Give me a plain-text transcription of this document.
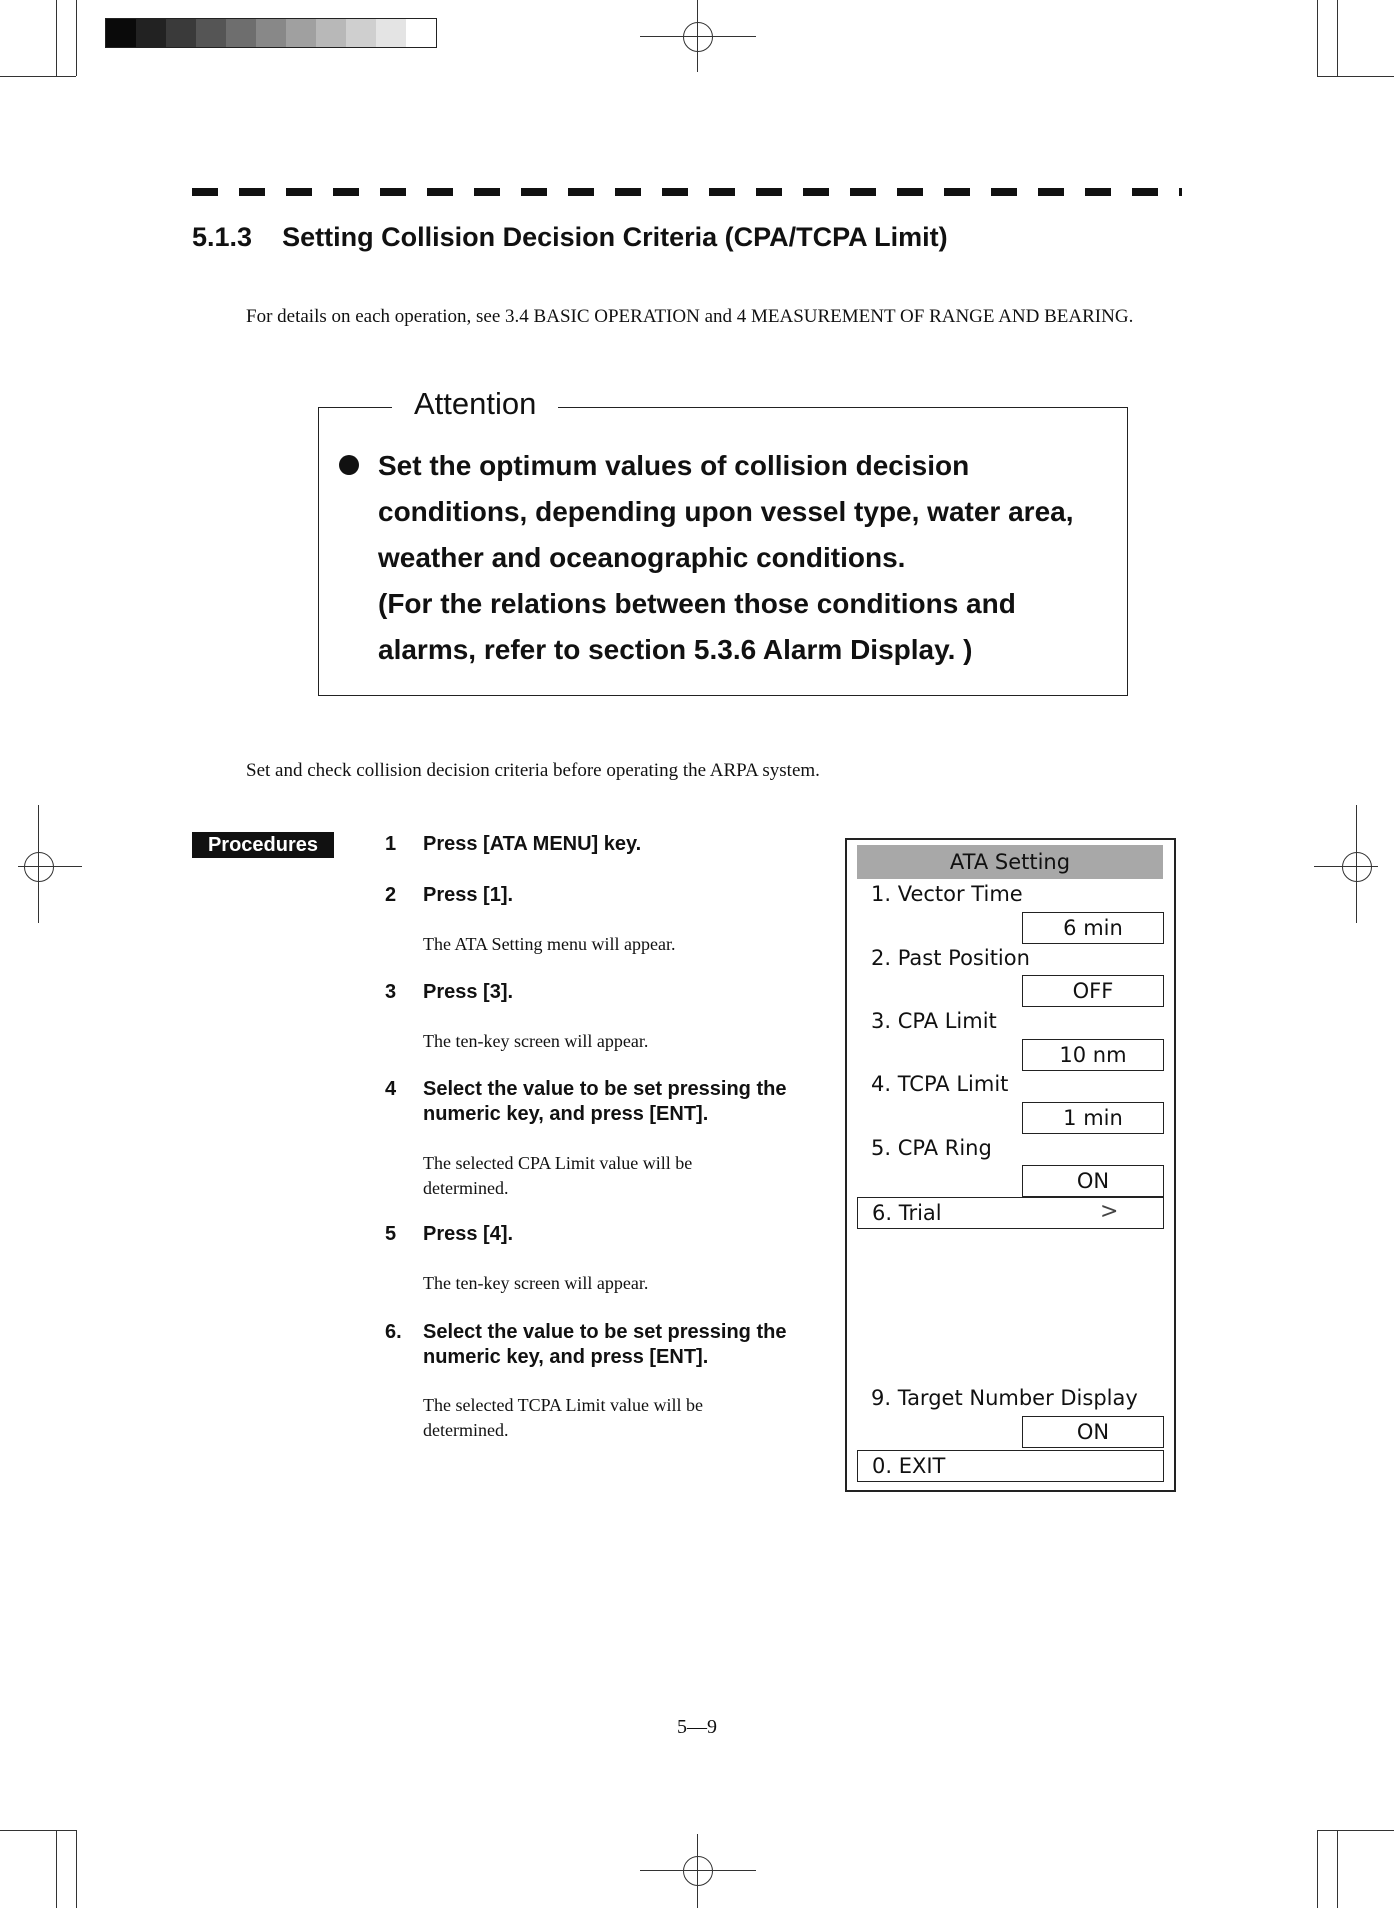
5.1.3 Setting Collision Decision Criteria (CPA/TCPA Limit)
For details on each operation, see 3.4 BASIC OPERATION and 4 MEASUREMENT OF RANGE AND BEARING.
Attention
Set the optimum values of collision decision
conditions, depending upon vessel type, water area,
weather and oceanographic conditions.
(For the relations between those conditions and
alarms, refer to section 5.3.6 Alarm Display. )
Set and check collision decision criteria before operating the ARPA system.
Procedures	1 Press [ATA MENU] key.
2 Press [1].
The ATA Setting menu will appear.
3 Press [3].
The ten-key screen will appear.
4 Select the value to be set pressing the numeric key, and press [ENT].
The selected CPA Limit value will be determined.
5 Press [4].
The ten-key screen will appear.
6. Select the value to be set pressing the numeric key, and press [ENT].
The selected TCPA Limit value will be determined.
ATA Setting
1. Vector Time
6 min
2. Past Position
OFF
3. CPA Limit
10 nm
4. TCPA Limit
1 min
5. CPA Ring
ON
6. Trial	>
9. Target Number Display
ON
0. EXIT
5—9
